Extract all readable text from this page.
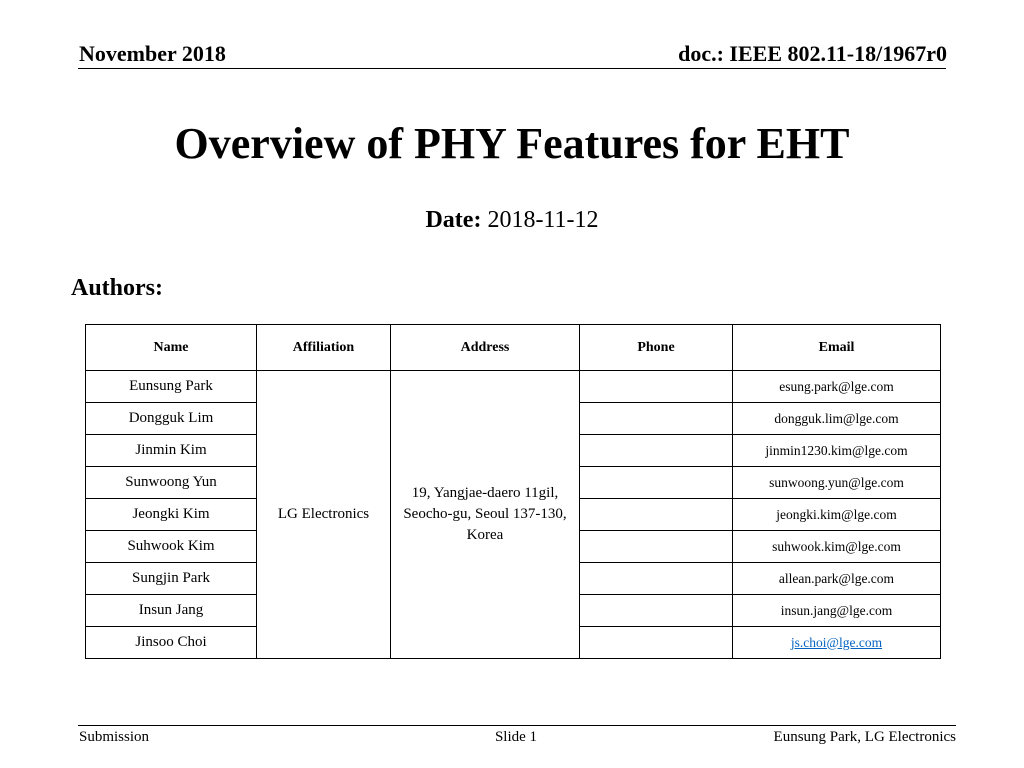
November 2018	doc.: IEEE 802.11-18/1967r0
Overview of PHY Features for EHT
Date: 2018-11-12
Authors:
Name	Affiliation	Address	Phone	Email
Eunsung Park	LG Electronics	19, Yangjae-daero 11gil, Seocho-gu, Seoul 137-130, Korea		esung.park@lge.com
Dongguk Lim				dongguk.lim@lge.com
Jinmin Kim				jinmin1230.kim@lge.com
Sunwoong Yun				sunwoong.yun@lge.com
Jeongki Kim				jeongki.kim@lge.com
Suhwook Kim				suhwook.kim@lge.com
Sungjin Park				allean.park@lge.com
Insun Jang				insun.jang@lge.com
Jinsoo Choi				js.choi@lge.com
Submission	Slide 1	Eunsung Park, LG Electronics
